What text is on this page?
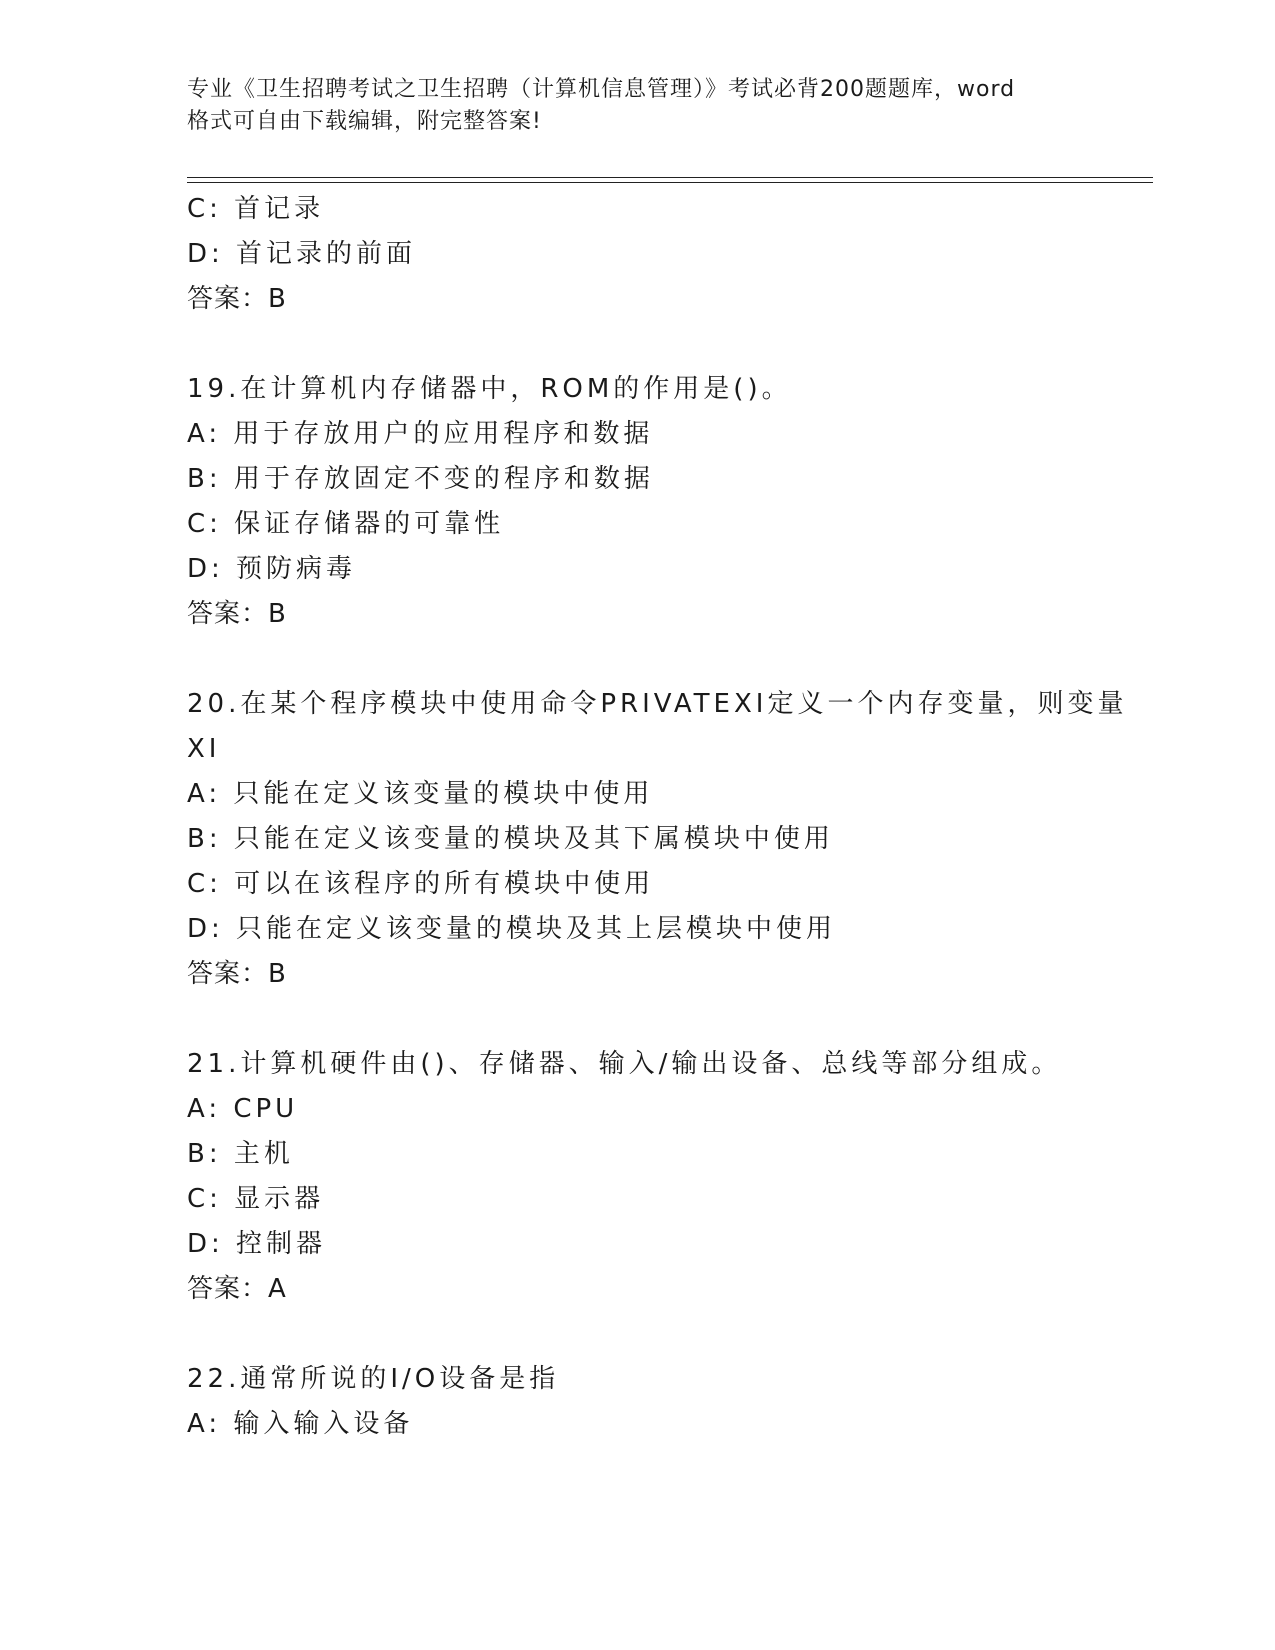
专业《卫生招聘考试之卫生招聘（计算机信息管理）》考试必背200题题库，word
格式可自由下载编辑，附完整答案!
C: 首记录
D: 首记录的前面
答案：B
19.在计算机内存储器中，ROM的作用是()。
A: 用于存放用户的应用程序和数据
B: 用于存放固定不变的程序和数据
C: 保证存储器的可靠性
D: 预防病毒
答案：B
20.在某个程序模块中使用命令PRIVATEXI定义一个内存变量，则变量
XI
A: 只能在定义该变量的模块中使用
B: 只能在定义该变量的模块及其下属模块中使用
C: 可以在该程序的所有模块中使用
D: 只能在定义该变量的模块及其上层模块中使用
答案：B
21.计算机硬件由()、存储器、输入/输出设备、总线等部分组成。
A: CPU
B: 主机
C: 显示器
D: 控制器
答案：A
22.通常所说的I/O设备是指
A: 输入输入设备
